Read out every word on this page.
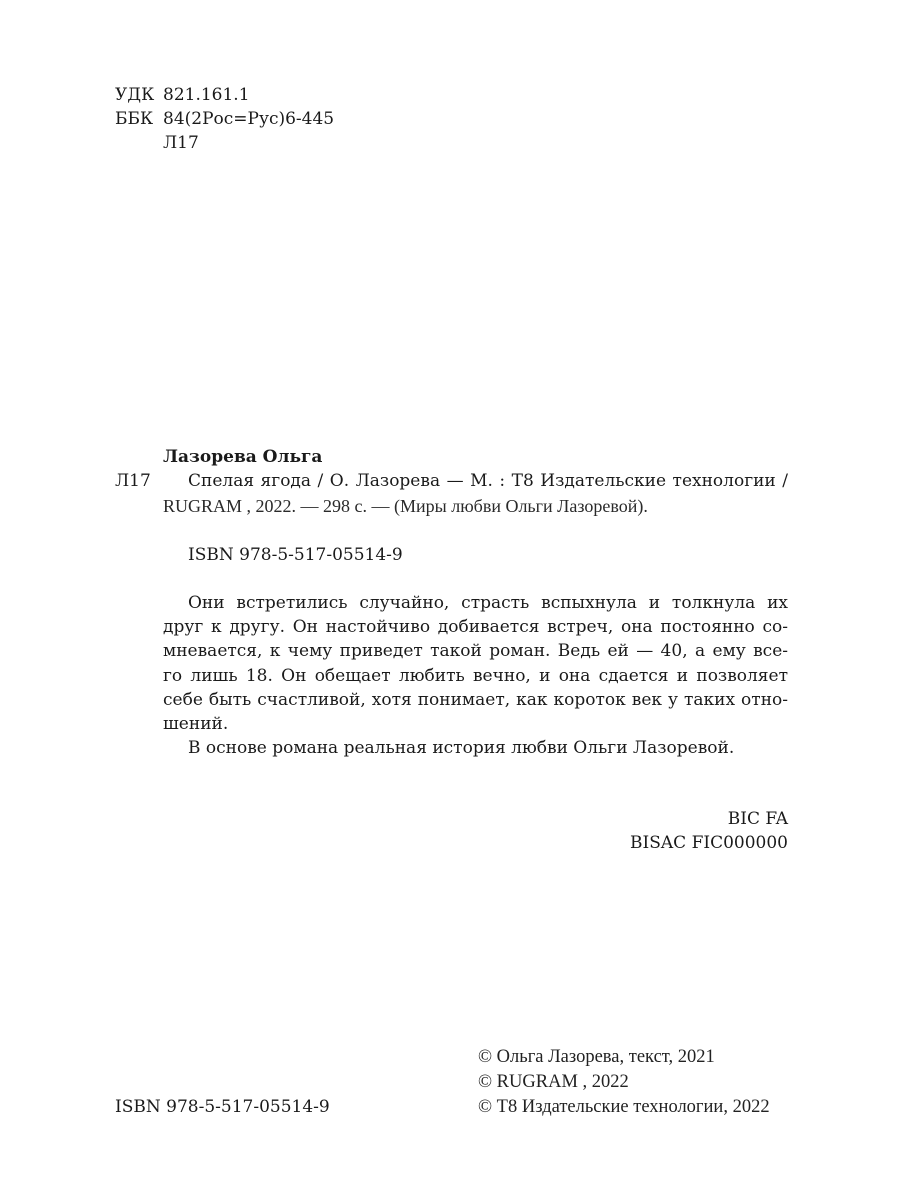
УДК 821.161.1
ББК 84(2Рос=Рус)6-445
Л17
Лазорева Ольга
Л17 Спелая ягода / О. Лазорева — М. : Т8 Издательские технологии /
RUGRAM , 2022. — 298 с. — (Миры любви Ольги Лазоревой).
ISBN 978-5-517-05514-9
Они встретились случайно, страсть вспыхнула и толкнула их
друг к другу. Он настойчиво добивается встреч, она постоянно со-
мневается, к чему приведет такой роман. Ведь ей — 40, а ему все-
го лишь 18. Он обещает любить вечно, и она сдается и позволяет
себе быть счастливой, хотя понимает, как короток век у таких отно-
шений.
В основе романа реальная история любви Ольги Лазоревой.
BIC FA
BISAC FIC000000
© Ольга Лазорева, текст, 2021
© RUGRAM , 2022
© Т8 Издательские технологии, 2022
ISBN 978-5-517-05514-9
